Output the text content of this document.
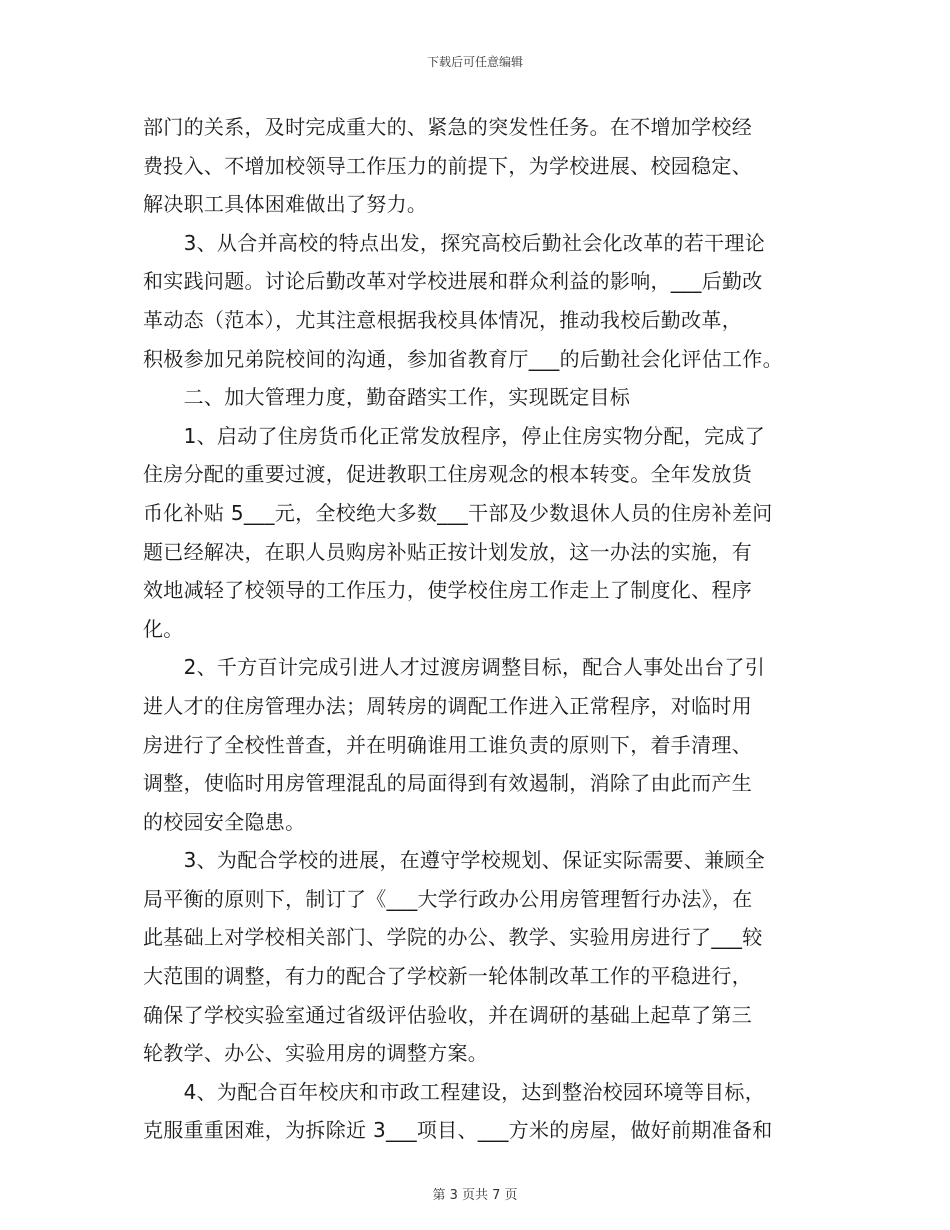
下载后可任意编辑
部门的关系，及时完成重大的、紧急的突发性任务。在不增加学校经
费投入、不增加校领导工作压力的前提下，为学校进展、校园稳定、
解决职工具体困难做出了努力。
　　3、从合并高校的特点出发，探究高校后勤社会化改革的若干理论
和实践问题。讨论后勤改革对学校进展和群众利益的影响，___后勤改
革动态（范本），尤其注意根据我校具体情况，推动我校后勤改革，
积极参加兄弟院校间的沟通，参加省教育厅___的后勤社会化评估工作。
　　二、加大管理力度，勤奋踏实工作，实现既定目标
　　1、启动了住房货币化正常发放程序，停止住房实物分配，完成了
住房分配的重要过渡，促进教职工住房观念的根本转变。全年发放货
币化补贴 5___元，全校绝大多数___干部及少数退休人员的住房补差问
题已经解决，在职人员购房补贴正按计划发放，这一办法的实施，有
效地减轻了校领导的工作压力，使学校住房工作走上了制度化、程序
化。
　　2、千方百计完成引进人才过渡房调整目标，配合人事处出台了引
进人才的住房管理办法；周转房的调配工作进入正常程序，对临时用
房进行了全校性普查，并在明确谁用工谁负责的原则下，着手清理、
调整，使临时用房管理混乱的局面得到有效遏制，消除了由此而产生
的校园安全隐患。
　　3、为配合学校的进展，在遵守学校规划、保证实际需要、兼顾全
局平衡的原则下，制订了《___大学行政办公用房管理暂行办法》，在
此基础上对学校相关部门、学院的办公、教学、实验用房进行了___较
大范围的调整，有力的配合了学校新一轮体制改革工作的平稳进行，
确保了学校实验室通过省级评估验收，并在调研的基础上起草了第三
轮教学、办公、实验用房的调整方案。
　　4、为配合百年校庆和市政工程建设，达到整治校园环境等目标，
克服重重困难，为拆除近 3___项目、___方米的房屋，做好前期准备和
第 3 页共 7 页
